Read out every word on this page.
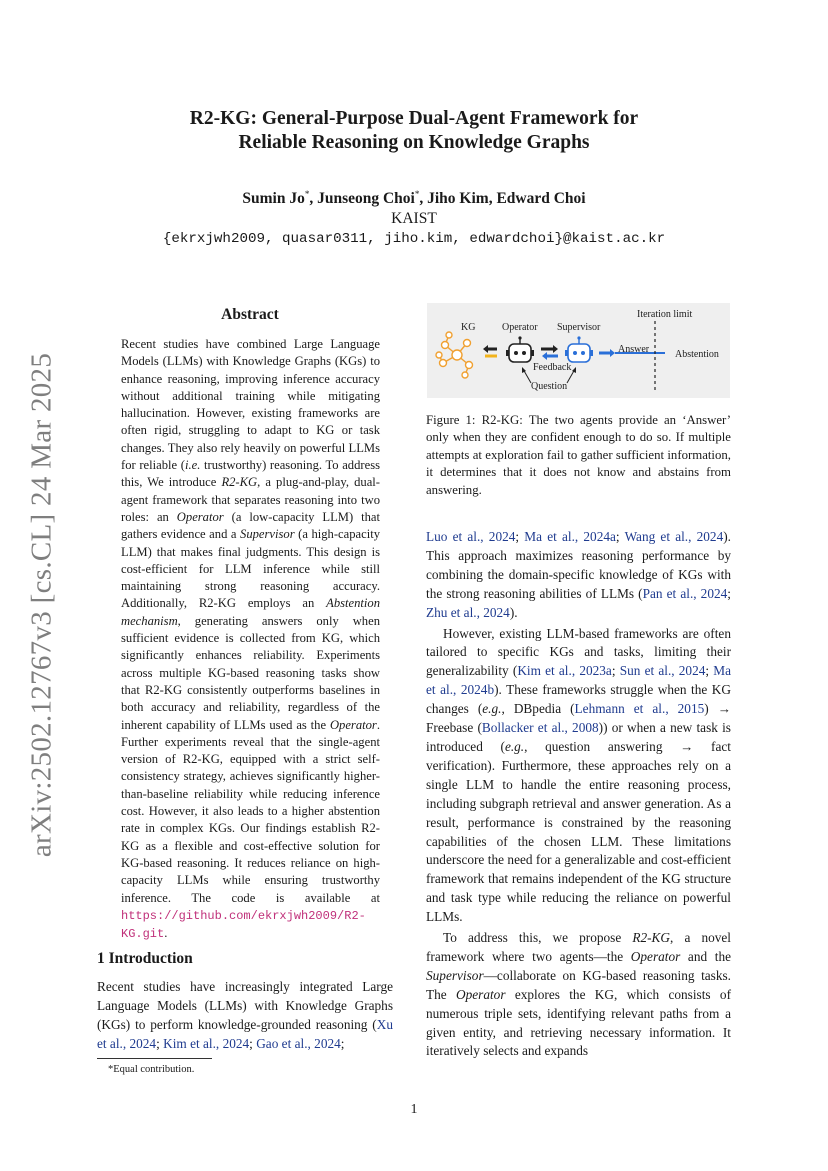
arXiv:2502.12767v3 [cs.CL] 24 Mar 2025
R2-KG: General-Purpose Dual-Agent Framework for
Reliable Reasoning on Knowledge Graphs
Sumin Jo*, Junseong Choi*, Jiho Kim, Edward Choi
KAIST
{ekrxjwh2009, quasar0311, jiho.kim, edwardchoi}@kaist.ac.kr
Abstract

Recent studies have combined Large Language Models (LLMs) with Knowledge Graphs (KGs) to enhance reasoning, improving inference accuracy without additional training while mitigating hallucination. However, existing frameworks are often rigid, struggling to adapt to KG or task changes. They also rely heavily on powerful LLMs for reliable (i.e. trustworthy) reasoning. To address this, We introduce R2-KG, a plug-and-play, dual-agent framework that separates reasoning into two roles: an Operator (a low-capacity LLM) that gathers evidence and a Supervisor (a high-capacity LLM) that makes final judgments. This design is cost-efficient for LLM inference while still maintaining strong reasoning accuracy. Additionally, R2-KG employs an Abstention mechanism, generating answers only when sufficient evidence is collected from KG, which significantly enhances reliability. Experiments across multiple KG-based reasoning tasks show that R2-KG consistently outperforms baselines in both accuracy and reliability, regardless of the inherent capability of LLMs used as the Operator. Further experiments reveal that the single-agent version of R2-KG, equipped with a strict self-consistency strategy, achieves significantly higher-than-baseline reliability while reducing inference cost. However, it also leads to a higher abstention rate in complex KGs. Our findings establish R2-KG as a flexible and cost-effective solution for KG-based reasoning. It reduces reliance on high-capacity LLMs while ensuring trustworthy inference. The code is available at https://github.com/ekrxjwh2009/R2-KG.git.

1 Introduction

Recent studies have increasingly integrated Large Language Models (LLMs) with Knowledge Graphs (KGs) to perform knowledge-grounded reasoning (Xu et al., 2024; Kim et al., 2024; Gao et al., 2024;

*Equal contribution.
Iteration limit
KG	Operator Supervisor
Answer	Abstention
Feedback
Question
Figure 1: R2-KG: The two agents provide an ‘Answer’ only when they are confident enough to do so. If multiple attempts at exploration fail to gather sufficient information, it determines that it does not know and abstains from answering.

Luo et al., 2024; Ma et al., 2024a; Wang et al., 2024). This approach maximizes reasoning performance by combining the domain-specific knowledge of KGs with the strong reasoning abilities of LLMs (Pan et al., 2024; Zhu et al., 2024).

However, existing LLM-based frameworks are often tailored to specific KGs and tasks, limiting their generalizability (Kim et al., 2023a; Sun et al., 2024; Ma et al., 2024b). These frameworks struggle when the KG changes (e.g., DBpedia (Lehmann et al., 2015) → Freebase (Bollacker et al., 2008)) or when a new task is introduced (e.g., question answering → fact verification). Furthermore, these approaches rely on a single LLM to handle the entire reasoning process, including subgraph retrieval and answer generation. As a result, performance is constrained by the reasoning capabilities of the chosen LLM. These limitations underscore the need for a generalizable and cost-efficient framework that remains independent of the KG structure and task type while reducing the reliance on powerful LLMs.

To address this, we propose R2-KG, a novel framework where two agents—the Operator and the Supervisor—collaborate on KG-based reasoning tasks. The Operator explores the KG, which consists of numerous triple sets, identifying relevant paths from a given entity, and retrieving necessary information. It iteratively selects and expands

1
